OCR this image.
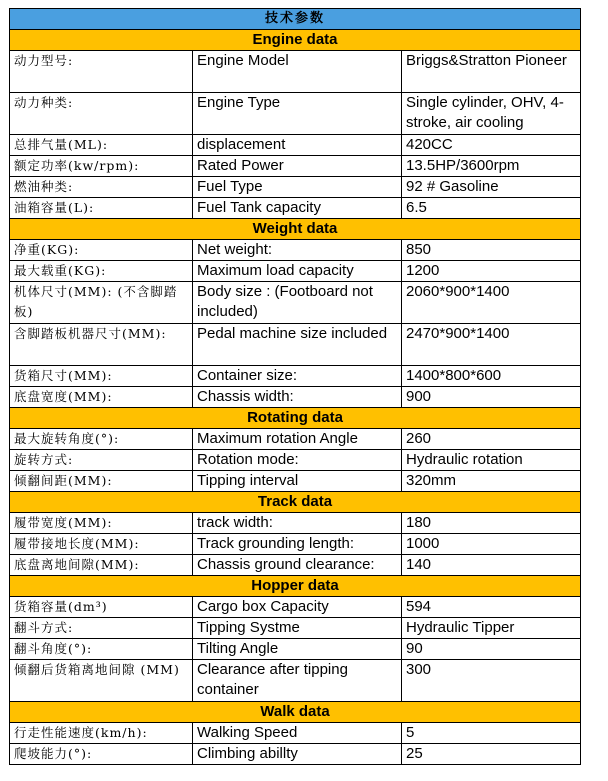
技术参数		
Engine data		
动力型号:	Engine Model	Briggs&Stratton Pioneer
动力种类:	Engine Type	Single cylinder, OHV, 4-stroke, air cooling
总排气量(ML):	displacement	420CC
额定功率(kw/rpm):	Rated Power	13.5HP/3600rpm
燃油种类:	Fuel Type	92 # Gasoline
油箱容量(L):	Fuel Tank capacity	6.5
Weight data		
净重(KG):	Net weight:	850
最大载重(KG):	Maximum load capacity	1200
机体尺寸(MM): (不含脚踏板)	Body size : (Footboard not included)	2060*900*1400
含脚踏板机器尺寸(MM):	Pedal machine size included	2470*900*1400
货箱尺寸(MM):	Container size:	1400*800*600
底盘宽度(MM):	Chassis width:	900
Rotating data		
最大旋转角度(°):	Maximum rotation Angle	260
旋转方式:	Rotation mode:	Hydraulic rotation
倾翻间距(MM):	Tipping interval	320mm
Track data		
履带宽度(MM):	track width:	180
履带接地长度(MM):	Track grounding length:	1000
底盘离地间隙(MM):	Chassis ground clearance:	140
Hopper data		
货箱容量(dm³)	Cargo box Capacity	594
翻斗方式:	Tipping Systme	Hydraulic Tipper
翻斗角度(°):	Tilting Angle	90
倾翻后货箱离地间隙 (MM)	Clearance after tipping container	300
Walk data		
行走性能速度(km/h):	Walking Speed	5
爬坡能力(°):	Climbing abillty	25
